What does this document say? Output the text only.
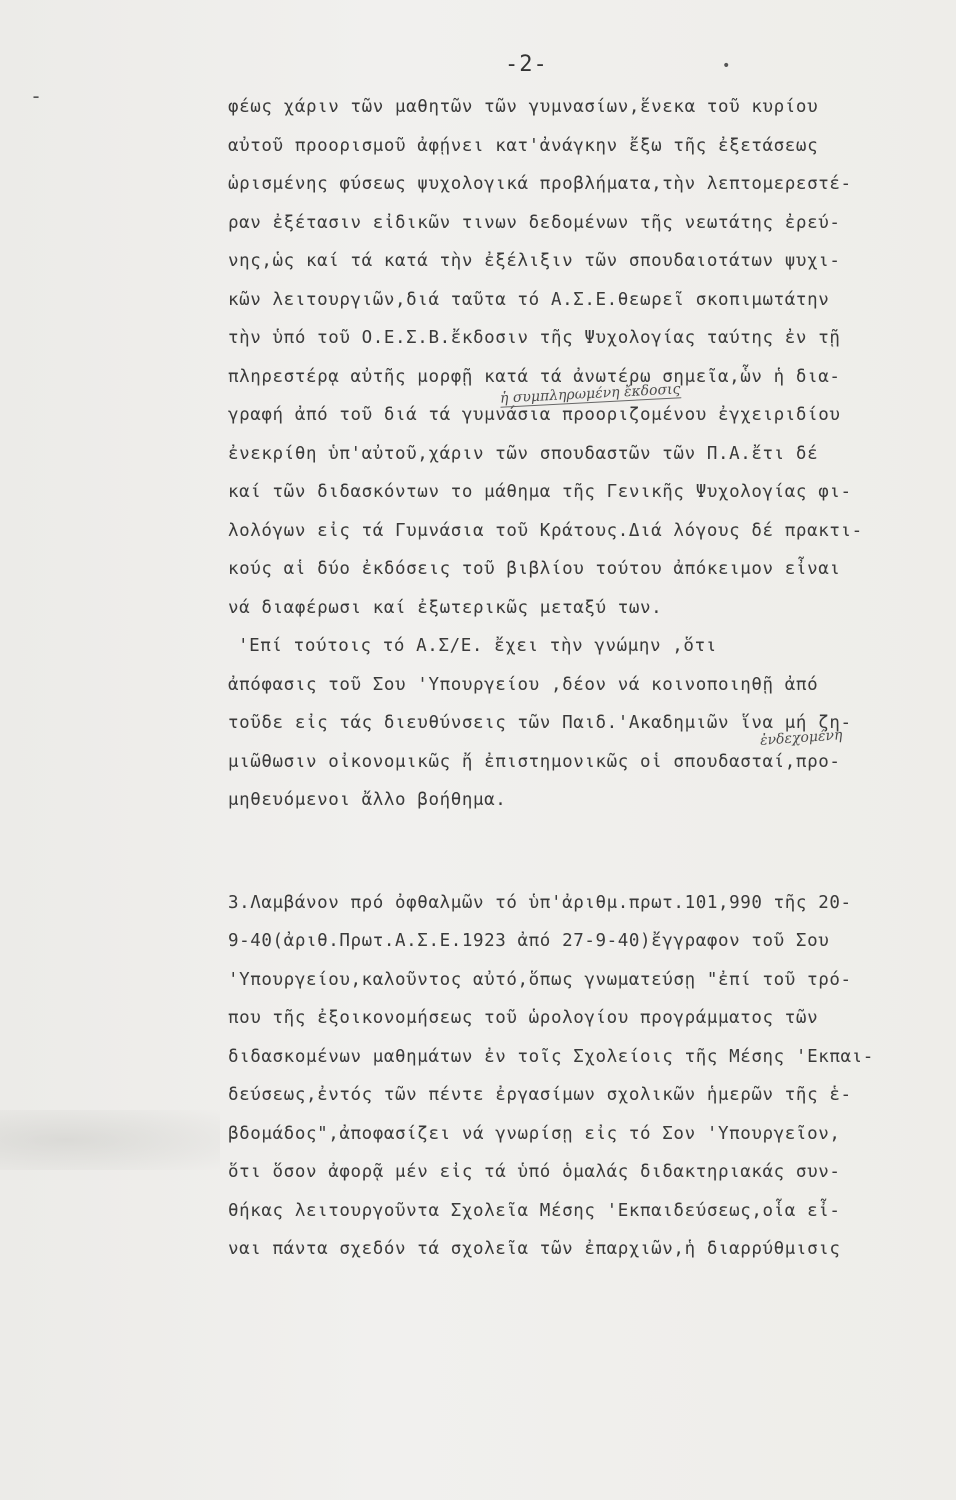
-
•
-2-
φέως χάριν τῶν μαθητῶν τῶν γυμνασίων,ἕνεκα τοῦ κυρίου
αὐτοῦ προορισμοῦ ἀφῄνει κατ'ἀνάγκην ἔξω τῆς ἐξετάσεως
ὡρισμένης φύσεως ψυχολογικά προβλήματα,τὴν λεπτομερεστέ-
ραν ἐξέτασιν εἰδικῶν τινων δεδομένων τῆς νεωτάτης ἐρεύ-
νης,ὡς καί τά κατά τὴν ἐξέλιξιν τῶν σπουδαιοτάτων ψυχι-
κῶν λειτουργιῶν,διά ταῦτα τό Α.Σ.Ε.θεωρεῖ σκοπιμωτάτην
τὴν ὑπό τοῦ Ο.Ε.Σ.Β.ἔκδοσιν τῆς Ψυχολογίας ταύτης ἐν τῇ
πληρεστέρᾳ αὐτῆς μορφῇ κατά τά ἀνωτέρω σημεῖα,ὧν ἡ δια-
γραφή ἀπό τοῦ διά τά γυμνάσια προοριζομένου ἐγχειριδίου
ἐνεκρίθη ὑπ'αὐτοῦ,χάριν τῶν σπουδαστῶν τῶν Π.Α.ἔτι δέ
καί τῶν διδασκόντων το μάθημα τῆς Γενικῆς Ψυχολογίας φι-
λολόγων εἰς τά Γυμνάσια τοῦ Κράτους.Διά λόγους δέ πρακτι-
κούς αἱ δύο ἐκδόσεις τοῦ βιβλίου τούτου ἀπόκειμον εἶναι
νά διαφέρωσι καί ἐξωτερικῶς μεταξύ των.
'Επί τούτοις τό Α.Σ/Ε. ἔχει τὴν γνώμην ,ὅτι
ἀπόφασις τοῦ Σου 'Υπουργείου ,δέον νά κοινοποιηθῇ ἀπό
τοῦδε εἰς τάς διευθύνσεις τῶν Παιδ.'Ακαδημιῶν ἵνα μή ζη-
μιῶθωσιν οἰκονομικῶς ἤ ἐπιστημονικῶς οἱ σπουδασταί,προ-
μηθευόμενοι ἄλλο βοήθημα.
3.Λαμβάνον πρό ὀφθαλμῶν τό ὑπ'ἀριθμ.πρωτ.101,990 τῆς 20-
9-40(ἀριθ.Πρωτ.Α.Σ.Ε.1923 ἀπό 27-9-40)ἔγγραφον τοῦ Σου
'Υπουργείου,καλοῦντος αὐτό,ὅπως γνωματεύσῃ "ἐπί τοῦ τρό-
που τῆς ἐξοικονομήσεως τοῦ ὡρολογίου προγράμματος τῶν
διδασκομένων μαθημάτων ἐν τοῖς Σχολείοις τῆς Μέσης 'Εκπαι-
δεύσεως,ἐντός τῶν πέντε ἐργασίμων σχολικῶν ἡμερῶν τῆς ἑ-
βδομάδος",ἀποφασίζει νά γνωρίσῃ εἰς τό Σον 'Υπουργεῖον,
ὅτι ὅσον ἀφορᾷ μέν εἰς τά ὑπό ὁμαλάς διδακτηριακάς συν-
θήκας λειτουργοῦντα Σχολεῖα Μέσης 'Εκπαιδεύσεως,οἷα εἶ-
ναι πάντα σχεδόν τά σχολεῖα τῶν ἐπαρχιῶν,ἡ διαρρύθμισις
ἡ συμπληρωμένη ἔκδοσις
ἐνδεχομένη
